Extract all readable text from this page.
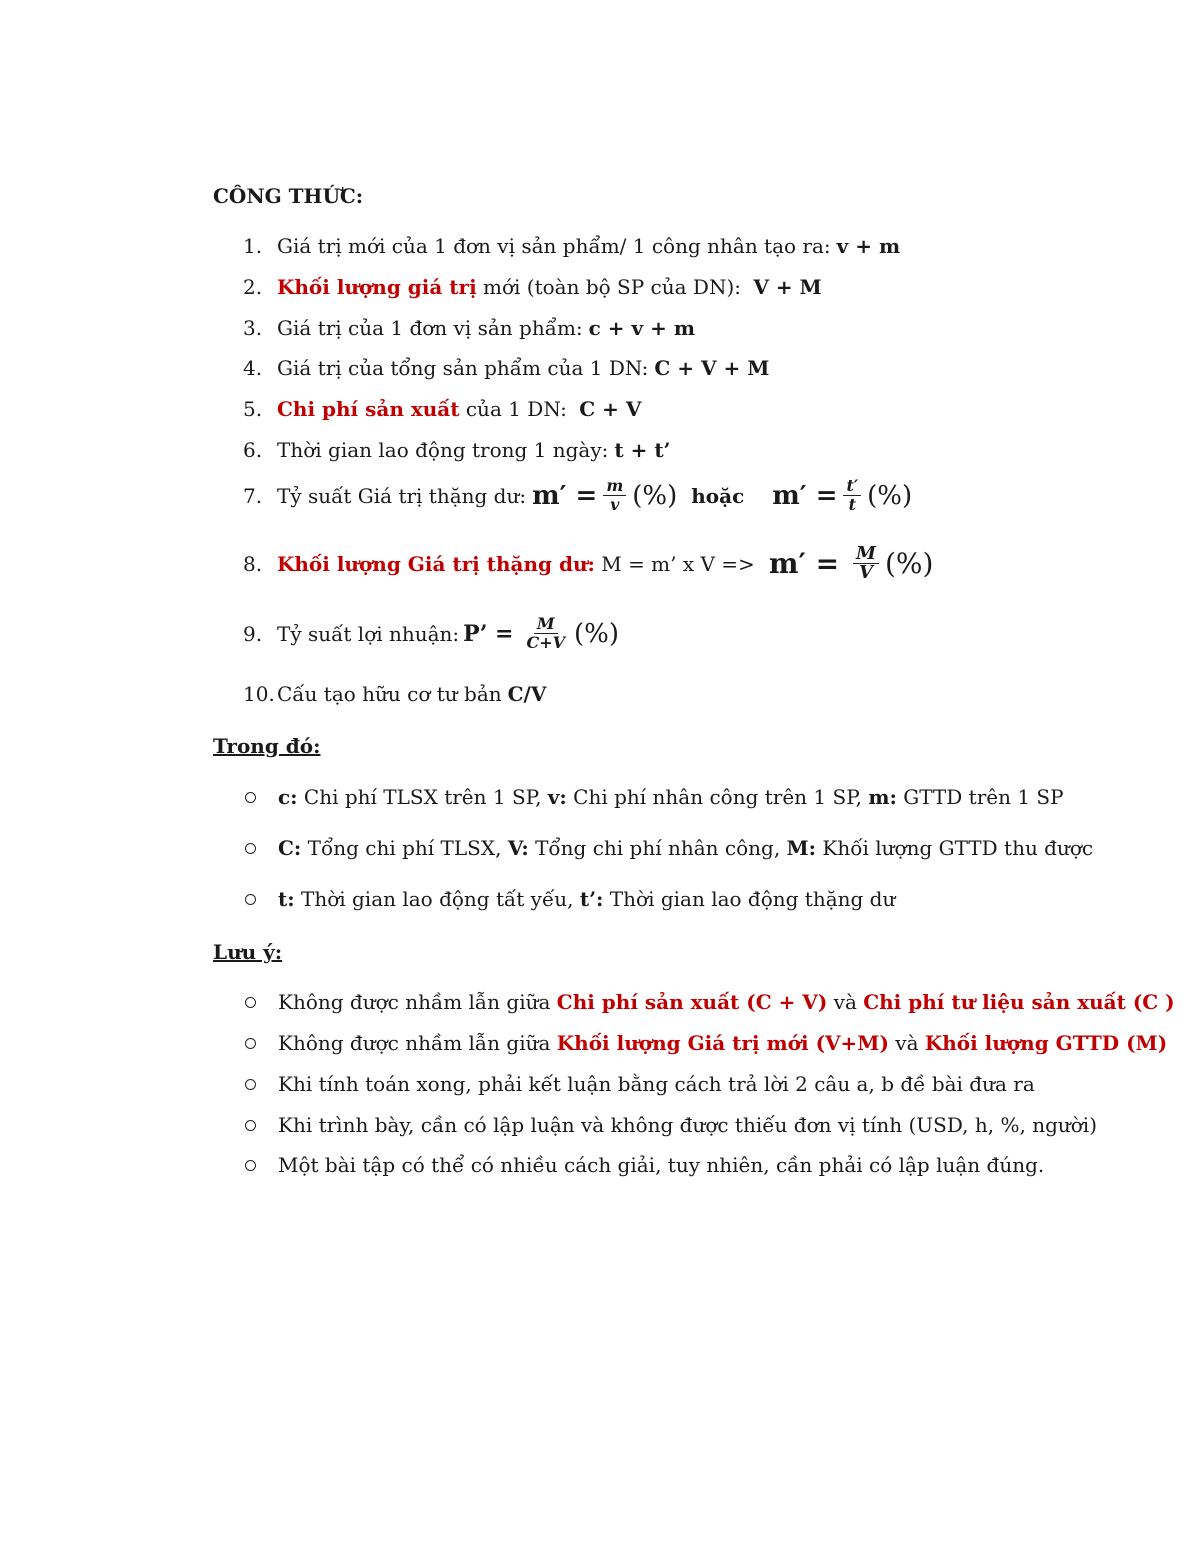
CÔNG THỨC:
1. Giá trị mới của 1 đơn vị sản phẩm/ 1 công nhân tạo ra: v + m
2. Khối lượng giá trị mới (toàn bộ SP của DN): V + M
3. Giá trị của 1 đơn vị sản phẩm: c + v + m
4. Giá trị của tổng sản phẩm của 1 DN: C + V + M
5. Chi phí sản xuất của 1 DN: C + V
6. Thời gian lao động trong 1 ngày: t + t’
7. Tỷ suất Giá trị thặng dư: $m' = \frac{m}{v}$ (%) hoặc $m' = \frac{t'}{t}$ (%)
8. Khối lượng Giá trị thặng dư: M = m’ x $V => m' = \frac{M}{V}$ (%)
9. Tỷ suất lợi nhuận: P’ = $\frac{M}{C+V}$ (%)
10. Cấu tạo hữu cơ tư bản C/V
Trong đó:
c: Chi phí TLSX trên 1 SP, v: Chi phí nhân công trên 1 SP, m: GTTD trên 1 SP
C: Tổng chi phí TLSX, V: Tổng chi phí nhân công, M: Khối lượng GTTD thu được
t: Thời gian lao động tất yếu, t’: Thời gian lao động thặng dư
Lưu ý:
Không được nhầm lẫn giữa Chi phí sản xuất (C + V) và Chi phí tư liệu sản xuất (C )
Không được nhầm lẫn giữa Khối lượng Giá trị mới (V+M) và Khối lượng GTTD (M)
Khi tính toán xong, phải kết luận bằng cách trả lời 2 câu a, b đề bài đưa ra
Khi trình bày, cần có lập luận và không được thiếu đơn vị tính (USD, h, %, người)
Một bài tập có thể có nhiều cách giải, tuy nhiên, cần phải có lập luận đúng.
